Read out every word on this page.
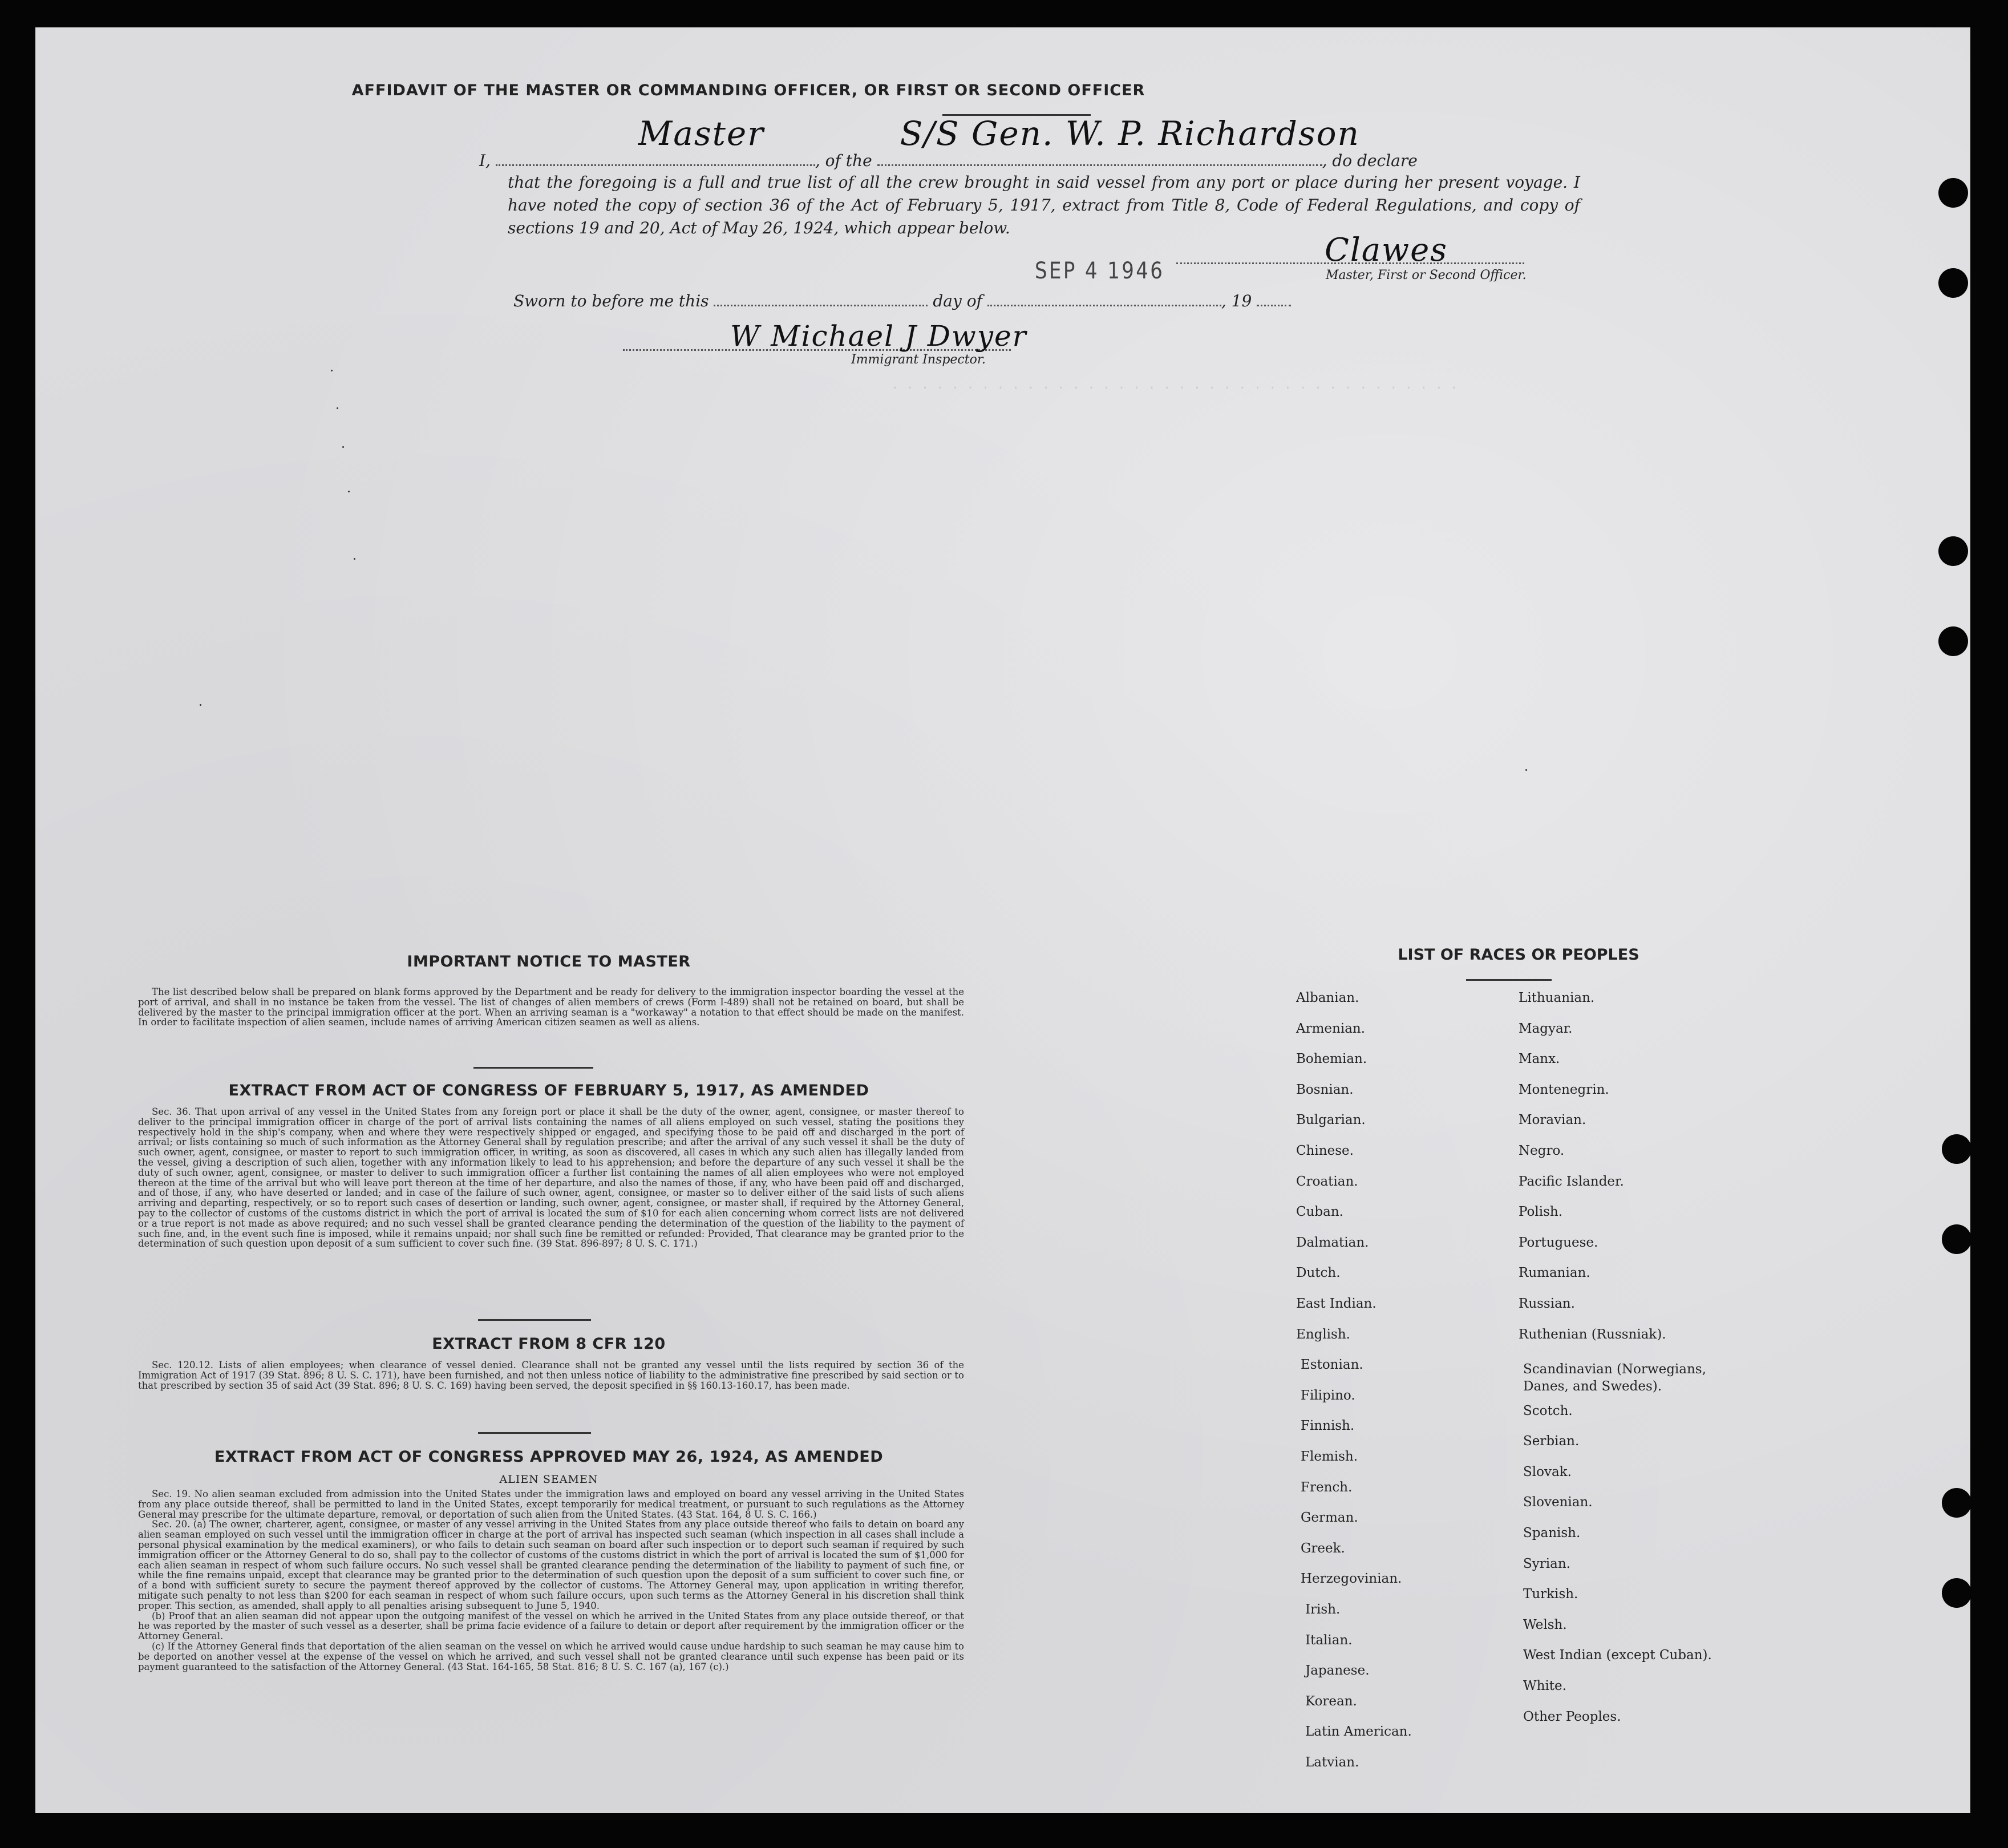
AFFIDAVIT OF THE MASTER OR COMMANDING OFFICER, OR FIRST OR SECOND OFFICER
I,
Master
, of the
S/S Gen. W. P. Richardson
, do declare
that the foregoing is a full and true list of all the crew brought in said vessel from any port or place during her present voyage. I have noted the copy of section 36 of the Act of February 5, 1917, extract from Title 8, Code of Federal Regulations, and copy of sections 19 and 20, Act of May 26, 1924, which appear below.
SEP 4 1946
Clawes
Master, First or Second Officer.
Sworn to before me this	day of	, 19
W Michael J Dwyer
Immigrant Inspector.
· · · · · · · · · · · · · · · · · · · · · · · · · · · · · · · · · · · · · ·
IMPORTANT NOTICE TO MASTER

The list described below shall be prepared on blank forms approved by the Department and be ready for delivery to the immigration inspector boarding the vessel at the port of arrival, and shall in no instance be taken from the vessel. The list of changes of alien members of crews (Form I-489) shall not be retained on board, but shall be delivered by the master to the principal immigration officer at the port. When an arriving seaman is a "workaway" a notation to that effect should be made on the manifest. In order to facilitate inspection of alien seamen, include names of arriving American citizen seamen as well as aliens.

EXTRACT FROM ACT OF CONGRESS OF FEBRUARY 5, 1917, AS AMENDED

Sec. 36. That upon arrival of any vessel in the United States from any foreign port or place it shall be the duty of the owner, agent, consignee, or master thereof to deliver to the principal immigration officer in charge of the port of arrival lists containing the names of all aliens employed on such vessel, stating the positions they respectively hold in the ship's company, when and where they were respectively shipped or engaged, and specifying those to be paid off and discharged in the port of arrival; or lists containing so much of such information as the Attorney General shall by regulation prescribe; and after the arrival of any such vessel it shall be the duty of such owner, agent, consignee, or master to report to such immigration officer, in writing, as soon as discovered, all cases in which any such alien has illegally landed from the vessel, giving a description of such alien, together with any information likely to lead to his apprehension; and before the departure of any such vessel it shall be the duty of such owner, agent, consignee, or master to deliver to such immigration officer a further list containing the names of all alien employees who were not employed thereon at the time of the arrival but who will leave port thereon at the time of her departure, and also the names of those, if any, who have been paid off and discharged, and of those, if any, who have deserted or landed; and in case of the failure of such owner, agent, consignee, or master so to deliver either of the said lists of such aliens arriving and departing, respectively, or so to report such cases of desertion or landing, such owner, agent, consignee, or master shall, if required by the Attorney General, pay to the collector of customs of the customs district in which the port of arrival is located the sum of $10 for each alien concerning whom correct lists are not delivered or a true report is not made as above required; and no such vessel shall be granted clearance pending the determination of the question of the liability to the payment of such fine, and, in the event such fine is imposed, while it remains unpaid; nor shall such fine be remitted or refunded: Provided, That clearance may be granted prior to the determination of such question upon deposit of a sum sufficient to cover such fine. (39 Stat. 896-897; 8 U. S. C. 171.)

EXTRACT FROM 8 CFR 120

Sec. 120.12. Lists of alien employees; when clearance of vessel denied. Clearance shall not be granted any vessel until the lists required by section 36 of the Immigration Act of 1917 (39 Stat. 896; 8 U. S. C. 171), have been furnished, and not then unless notice of liability to the administrative fine prescribed by said section or to that prescribed by section 35 of said Act (39 Stat. 896; 8 U. S. C. 169) having been served, the deposit specified in §§ 160.13-160.17, has been made.

EXTRACT FROM ACT OF CONGRESS APPROVED MAY 26, 1924, AS AMENDED
ALIEN SEAMEN

Sec. 19. No alien seaman excluded from admission into the United States under the immigration laws and employed on board any vessel arriving in the United States from any place outside thereof, shall be permitted to land in the United States, except temporarily for medical treatment, or pursuant to such regulations as the Attorney General may prescribe for the ultimate departure, removal, or deportation of such alien from the United States. (43 Stat. 164, 8 U. S. C. 166.)

Sec. 20. (a) The owner, charterer, agent, consignee, or master of any vessel arriving in the United States from any place outside thereof who fails to detain on board any alien seaman employed on such vessel until the immigration officer in charge at the port of arrival has inspected such seaman (which inspection in all cases shall include a personal physical examination by the medical examiners), or who fails to detain such seaman on board after such inspection or to deport such seaman if required by such immigration officer or the Attorney General to do so, shall pay to the collector of customs of the customs district in which the port of arrival is located the sum of $1,000 for each alien seaman in respect of whom such failure occurs. No such vessel shall be granted clearance pending the determination of the liability to payment of such fine, or while the fine remains unpaid, except that clearance may be granted prior to the determination of such question upon the deposit of a sum sufficient to cover such fine, or of a bond with sufficient surety to secure the payment thereof approved by the collector of customs. The Attorney General may, upon application in writing therefor, mitigate such penalty to not less than $200 for each seaman in respect of whom such failure occurs, upon such terms as the Attorney General in his discretion shall think proper. This section, as amended, shall apply to all penalties arising subsequent to June 5, 1940.

(b) Proof that an alien seaman did not appear upon the outgoing manifest of the vessel on which he arrived in the United States from any place outside thereof, or that he was reported by the master of such vessel as a deserter, shall be prima facie evidence of a failure to detain or deport after requirement by the immigration officer or the Attorney General.

(c) If the Attorney General finds that deportation of the alien seaman on the vessel on which he arrived would cause undue hardship to such seaman he may cause him to be deported on another vessel at the expense of the vessel on which he arrived, and such vessel shall not be granted clearance until such expense has been paid or its payment guaranteed to the satisfaction of the Attorney General. (43 Stat. 164-165, 58 Stat. 816; 8 U. S. C. 167 (a), 167 (c).)

LIST OF RACES OR PEOPLES
Albanian.
Armenian.
Bohemian.
Bosnian.
Bulgarian.
Chinese.
Croatian.
Cuban.
Dalmatian.
Dutch.
East Indian.
English.
Estonian.
Filipino.
Finnish.
Flemish.
French.
German.
Greek.
Herzegovinian.
Irish.
Italian.
Japanese.
Korean.
Latin American.
Latvian.
Lithuanian.
Magyar.
Manx.
Montenegrin.
Moravian.
Negro.
Pacific Islander.
Polish.
Portuguese.
Rumanian.
Russian.
Ruthenian (Russniak).
Scandinavian (Norwegians, Danes, and Swedes).
Scotch.
Serbian.
Slovak.
Slovenian.
Spanish.
Syrian.
Turkish.
Welsh.
West Indian (except Cuban).
White.
Other Peoples.
